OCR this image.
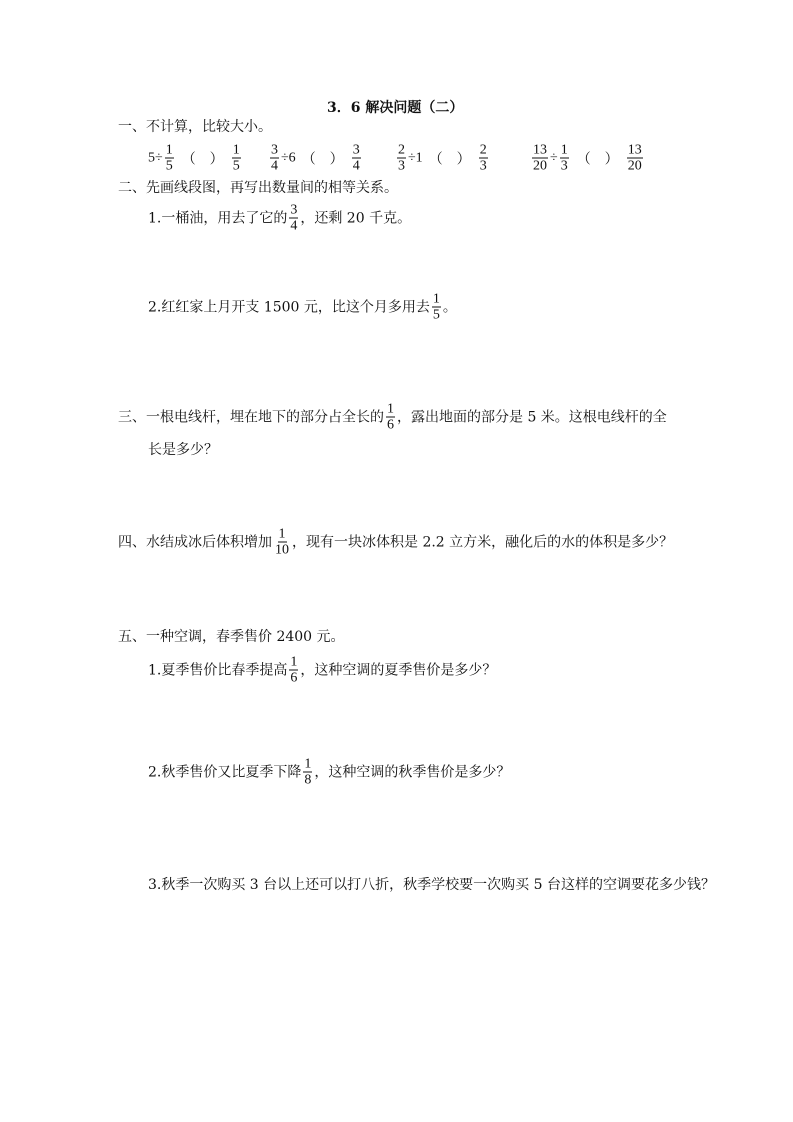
3．6 解决问题（二）
一、不计算，比较大小。
二、先画线段图，再写出数量间的相等关系。
1.一桶油，用去了它的 $\frac{3}{4}$ ，还剩 20 千克。
2.红红家上月开支 1500 元，比这个月多用去 $\frac{1}{5}$ 。
三、一根电线杆，埋在地下的部分占全长的 $\frac{1}{6}$ ，露出地面的部分是 5 米。这根电线杆的全
长是多少？
四、水结成冰后体积增加 $\frac{1}{10}$ ，现有一块冰体积是 2.2 立方米，融化后的水的体积是多少？
五、一种空调，春季售价 2400 元。
1.夏季售价比春季提高 $\frac{1}{6}$ ，这种空调的夏季售价是多少？
2.秋季售价又比夏季下降 $\frac{1}{8}$ ，这种空调的秋季售价是多少？
3.秋季一次购买 3 台以上还可以打八折，秋季学校要一次购买 5 台这样的空调要花多少钱？
$5\div \frac{1}{5}$ （　） $\frac{1}{5} \frac{3}{4} \div 6$ （　） $\frac{3}{4}$	$\frac{2}{3} \div 1$ （　） $\frac{2}{3}$	$\frac{13}{20} \div \frac{1}{3}$ （　） $\frac{13}{20}$
